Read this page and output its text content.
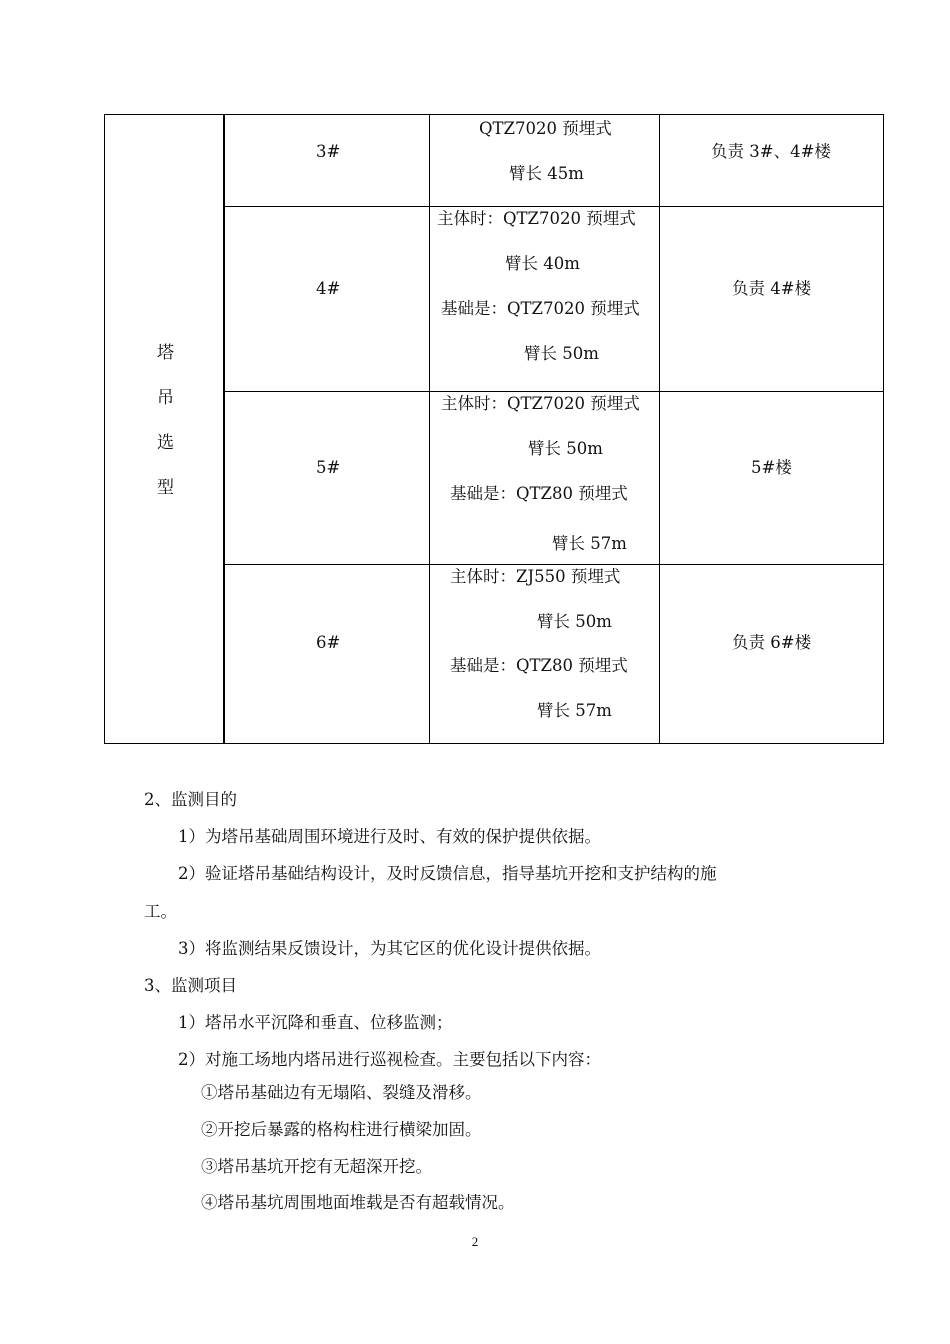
塔
吊
选
型
3#
QTZ7020 预埋式
臂长 45m
负责 3#、4#楼
4#
主体时：QTZ7020 预埋式
臂长 40m
基础是：QTZ7020 预埋式
臂长 50m
负责 4#楼
5#
主体时：QTZ7020 预埋式
臂长 50m
基础是：QTZ80 预埋式
臂长 57m
5#楼
6#
主体时：ZJ550 预埋式
臂长 50m
基础是：QTZ80 预埋式
臂长 57m
负责 6#楼
2、监测目的
1）为塔吊基础周围环境进行及时、有效的保护提供依据。
2）验证塔吊基础结构设计，及时反馈信息，指导基坑开挖和支护结构的施
工。
3）将监测结果反馈设计，为其它区的优化设计提供依据。
3、监测项目
1）塔吊水平沉降和垂直、位移监测；
2）对施工场地内塔吊进行巡视检查。主要包括以下内容：
①塔吊基础边有无塌陷、裂缝及滑移。
②开挖后暴露的格构柱进行横梁加固。
③塔吊基坑开挖有无超深开挖。
④塔吊基坑周围地面堆载是否有超载情况。
2
